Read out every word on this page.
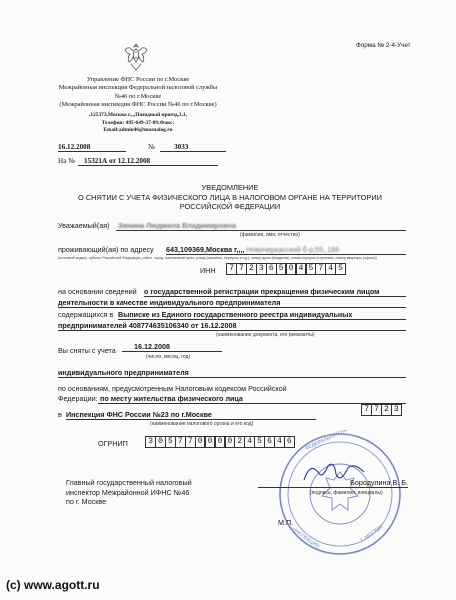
Форма № 2-4-Учет
Управление ФНС России по г.Москве
Межрайонная инспекция Федеральной налоговой службы
№46 по г.Москве
(Межрайонная инспекция ФНС России №46 по г.Москве)
,125373,Москва г.,,,Походный проезд,3,1,
Телефон: 495-649-37-09;Факс:
Email:admin46@mosnalog.ru
16.12.2008	№	3033
На №	15321А от 12.12.2008
УВЕДОМЛЕНИЕ
О СНЯТИИ С УЧЕТА ФИЗИЧЕСКОГО ЛИЦА В НАЛОГОВОМ ОРГАНЕ НА ТЕРРИТОРИИ
РОССИЙСКОЙ ФЕДЕРАЦИИ
Уважаемый(ая) Зинина Людмила Владимировна
(фамилия, имя, отчество)
проживающий(ая) по адресу 643,109369,Москва г,,,, Новочеркасский б-р,55,,186
(почтовый индекс, субъект Российской Федерации, район, город, населенный пункт, улица (проспект, переулок и т.д.), номер дома (владения), номер корпуса (строения), номер квартиры (офиса))
ИНН	7 7 2 3 6 5 0 4 5 7 4 5
на основании сведений о государственной регистрации прекращения физическим лицом
деятельности в качестве индивидуального предпринимателя
содержащихся в Выписке из Единого государственного реестра индивидуальных
предпринимателей 408774635106340 от 16.12.2008
(наименование документа, его реквизиты)
Вы сняты с учета	16.12.2008
(число, месяц, год)
индивидуального предпринимателя
по основаниям, предусмотренным Налоговым кодексом Российской
Федерации: по месту жительства физического лица
в Инспекция ФНС России №23 по г.Москве
(наименование налогового органа и его код)
7 7 2 3
ОГРНИП	3 0 5 7 7 0 0 0 0 2 4 5 6 4 6	ФЕДЕРАЛЬНАЯ НАЛОГОВАЯ
ИНСПЕКЦИЯ	Г. МОСКВЕ
Главный государственный налоговый
инспектор Межрайонной ИФНС №46
по г. Москве
Бородулина В. Б.
(подпись, фамилия, инициалы)
М.П.
(c) www.agott.ru
